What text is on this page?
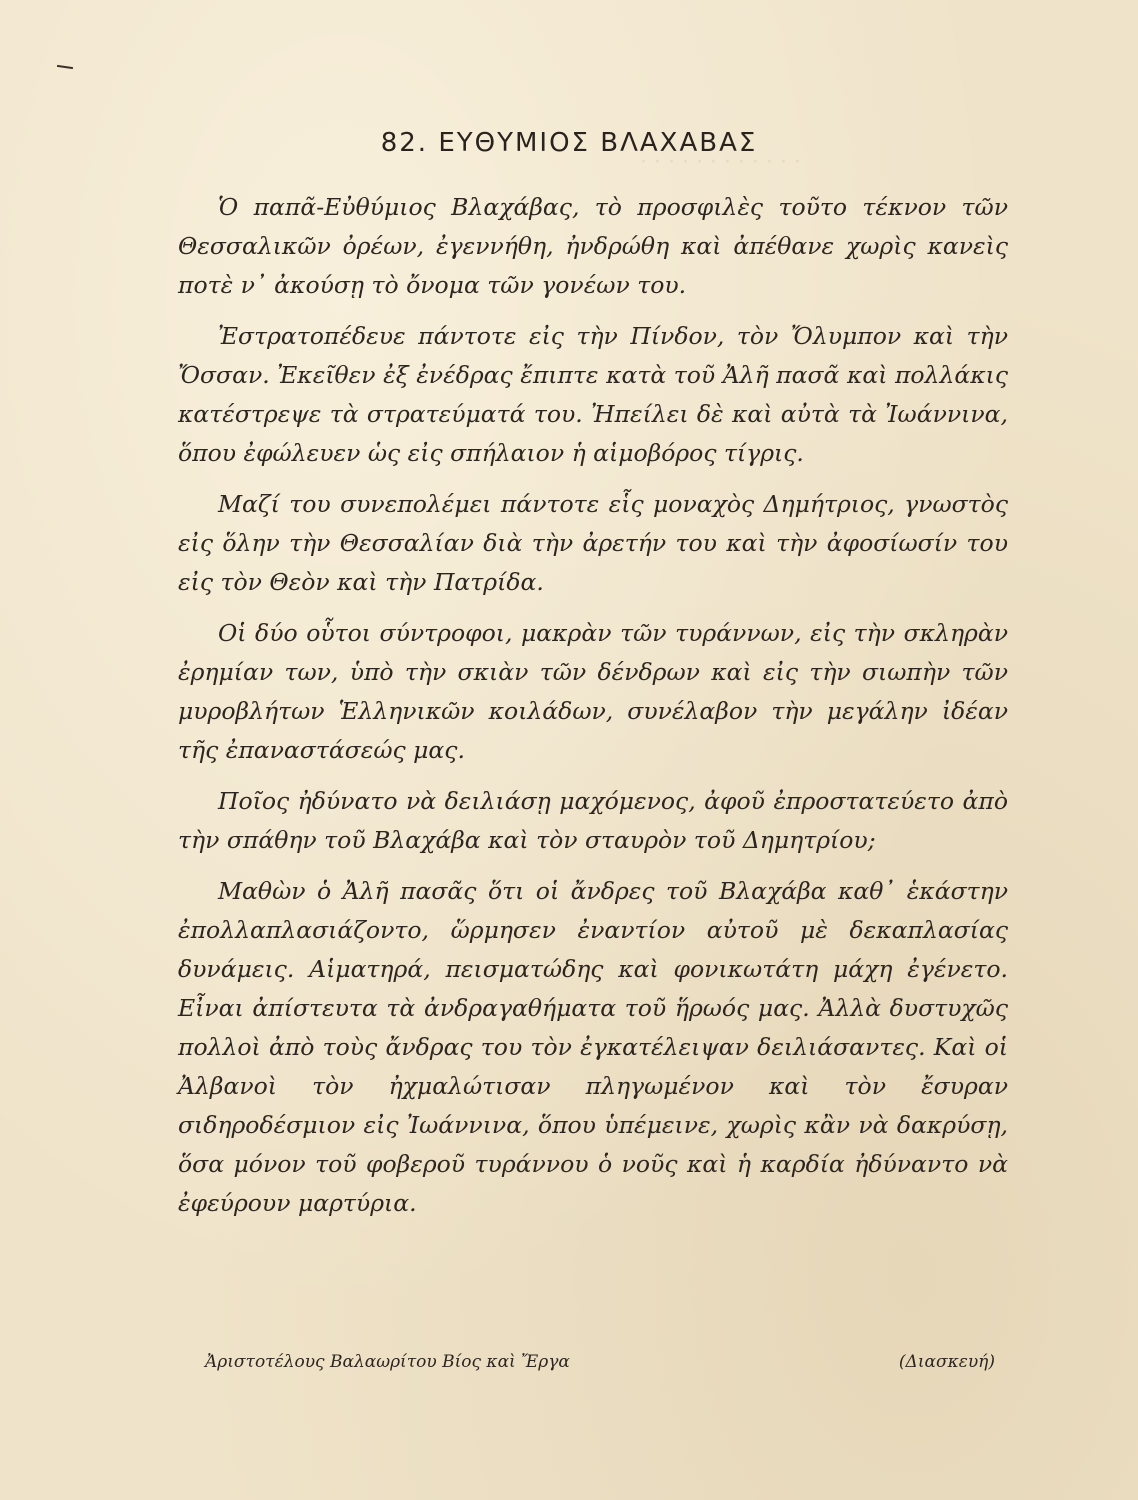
· · · · · · · · · · · ·
82. ΕΥΘΥΜΙΟΣ ΒΛΑΧΑΒΑΣ

Ὁ παπᾶ-Εὐθύμιος Βλαχάβας, τὸ προσφιλὲς τοῦτο τέκνον τῶν Θεσσαλικῶν ὀρέων, ἐγεννήθη, ἠνδρώθη καὶ ἀπέθανε χωρὶς κανεὶς ποτὲ ν᾿ ἀκούσῃ τὸ ὄνομα τῶν γονέων του.

Ἐστρατοπέδευε πάντοτε εἰς τὴν Πίνδον, τὸν Ὄλυμπον καὶ τὴν Ὄσσαν. Ἐκεῖθεν ἐξ ἐνέδρας ἔπιπτε κατὰ τοῦ Ἀλῆ πασᾶ καὶ πολλάκις κατέστρεψε τὰ στρατεύματά του. Ἠπείλει δὲ καὶ αὐτὰ τὰ Ἰωάννινα, ὅπου ἐφώλευεν ὡς εἰς σπήλαιον ἡ αἱμοβόρος τίγρις.

Μαζί του συνεπολέμει πάντοτε εἷς μοναχὸς Δημήτριος, γνωστὸς εἰς ὅλην τὴν Θεσσαλίαν διὰ τὴν ἀρετήν του καὶ τὴν ἀφοσίωσίν του εἰς τὸν Θεὸν καὶ τὴν Πατρίδα.

Οἱ δύο οὗτοι σύντροφοι, μακρὰν τῶν τυράννων, εἰς τὴν σκληρὰν ἐρημίαν των, ὑπὸ τὴν σκιὰν τῶν δένδρων καὶ εἰς τὴν σιωπὴν τῶν μυροβλήτων Ἑλληνικῶν κοιλάδων, συνέλαβον τὴν μεγάλην ἰδέαν τῆς ἐπαναστάσεώς μας.

Ποῖος ἠδύνατο νὰ δειλιάσῃ μαχόμενος, ἀφοῦ ἐπροστατεύετο ἀπὸ τὴν σπάθην τοῦ Βλαχάβα καὶ τὸν σταυρὸν τοῦ Δημητρίου;

Μαθὼν ὁ Ἀλῆ πασᾶς ὅτι οἱ ἄνδρες τοῦ Βλαχάβα καθ᾿ ἑκάστην ἐπολλαπλασιάζοντο, ὥρμησεν ἐναντίον αὐτοῦ μὲ δεκαπλασίας δυνάμεις. Αἱματηρά, πεισματώδης καὶ φονικωτάτη μάχη ἐγένετο. Εἶναι ἀπίστευτα τὰ ἀνδραγαθήματα τοῦ ἥρωός μας. Ἀλλὰ δυστυχῶς πολλοὶ ἀπὸ τοὺς ἄνδρας του τὸν ἐγκατέλειψαν δειλιάσαντες. Καὶ οἱ Ἀλβανοὶ τὸν ἠχμαλώτισαν πληγωμένον καὶ τὸν ἔσυραν σιδηροδέσμιον εἰς Ἰωάννινα, ὅπου ὑπέμεινε, χωρὶς κἂν νὰ δακρύσῃ, ὅσα μόνον τοῦ φοβεροῦ τυράννου ὁ νοῦς καὶ ἡ καρδία ἠδύναντο νὰ ἐφεύρουν μαρτύρια.

Ἀριστοτέλους Βαλαωρίτου Βίος καὶ Ἔργα	(Διασκευή)
